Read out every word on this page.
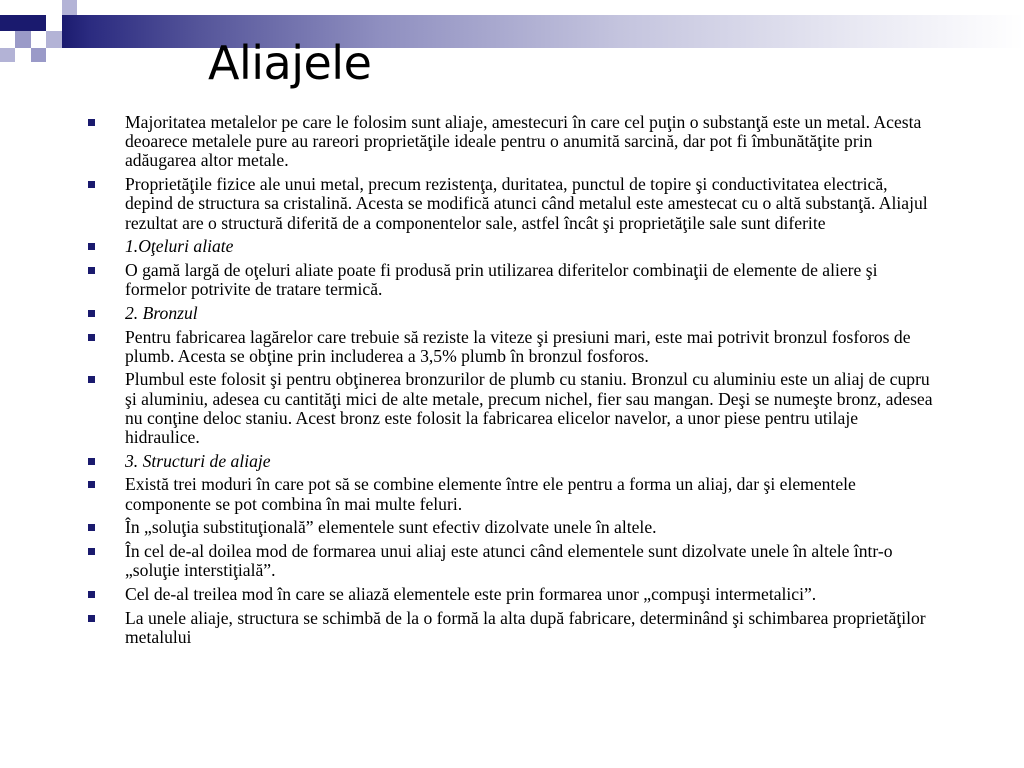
Aliajele
Majoritatea metalelor pe care le folosim sunt aliaje, amestecuri în care cel puţin o substanţă este un metal. Acesta deoarece metalele pure au rareori proprietăţile ideale pentru o anumită sarcină, dar pot fi îmbunătăţite prin adăugarea altor metale.
Proprietăţile fizice ale unui metal, precum rezistenţa, duritatea, punctul de topire şi conductivitatea electrică, depind de structura sa cristalină. Acesta se modifică atunci când metalul este amestecat cu o altă substanţă. Aliajul rezultat are o structură diferită de a componentelor sale, astfel încât şi proprietăţile sale sunt diferite
1.Oţeluri aliate
O gamă largă de oţeluri aliate poate fi produsă prin utilizarea diferitelor combinaţii de elemente de aliere şi formelor potrivite de tratare termică.
2. Bronzul
Pentru fabricarea lagărelor care trebuie să reziste la viteze şi presiuni mari, este mai potrivit bronzul fosforos de plumb. Acesta se obţine prin includerea a 3,5% plumb în bronzul fosforos.
Plumbul este folosit şi pentru obţinerea bronzurilor de plumb cu staniu. Bronzul cu aluminiu este un aliaj de cupru şi aluminiu, adesea cu cantităţi mici de alte metale, precum nichel, fier sau mangan. Deşi se numeşte bronz, adesea nu conţine deloc staniu. Acest bronz este folosit la fabricarea elicelor navelor, a unor piese pentru utilaje hidraulice.
3. Structuri de aliaje
Există trei moduri în care pot să se combine elemente între ele pentru a forma un aliaj, dar şi elementele componente se pot combina în mai multe feluri.
În „soluţia substituţională” elementele sunt efectiv dizolvate unele în altele.
În cel de-al doilea mod de formarea unui aliaj este atunci când elementele sunt dizolvate unele în altele într-o „soluţie interstiţială”.
Cel de-al treilea mod în care se aliază elementele este prin formarea unor „compuşi intermetalici”.
La unele aliaje, structura se schimbă de la o formă la alta după fabricare, determinând şi schimbarea proprietăţilor metalului
